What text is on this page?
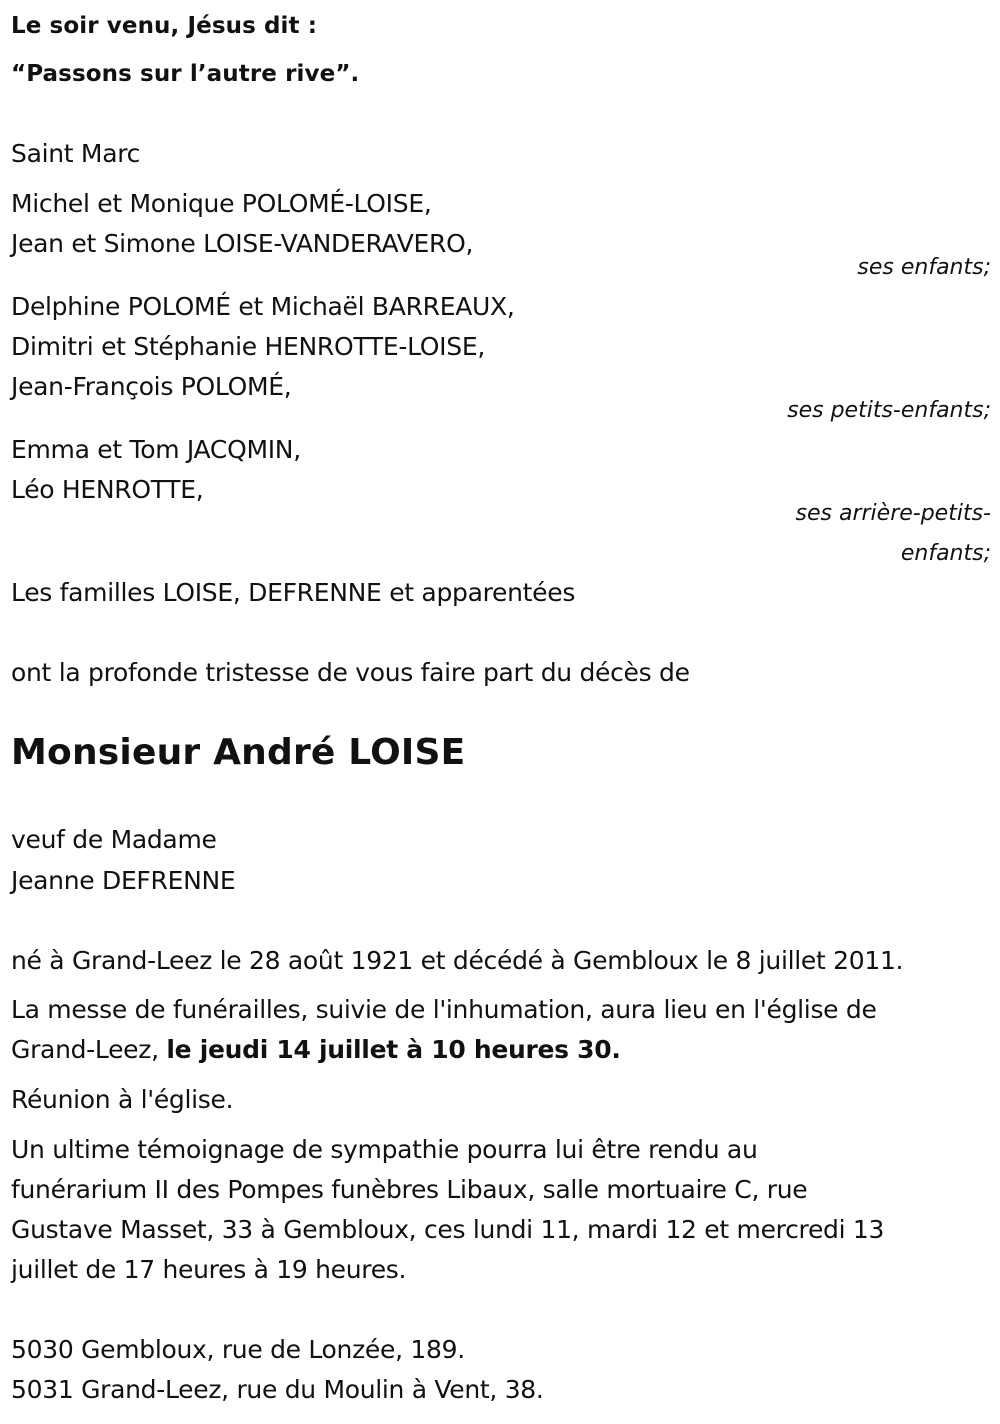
Le soir venu, Jésus dit :
“Passons sur l’autre rive”.
Saint Marc
Michel et Monique POLOMÉ-LOISE,
Jean et Simone LOISE-VANDERAVERO,
ses enfants;
Delphine POLOMÉ et Michaël BARREAUX,
Dimitri et Stéphanie HENROTTE-LOISE,
Jean-François POLOMÉ,
ses petits-enfants;
Emma et Tom JACQMIN,
Léo HENROTTE,
ses arrière-petits-
enfants;
Les familles LOISE, DEFRENNE et apparentées
ont la profonde tristesse de vous faire part du décès de
Monsieur André LOISE
veuf de Madame
Jeanne DEFRENNE
né à Grand-Leez le 28 août 1921 et décédé à Gembloux le 8 juillet 2011.
La messe de funérailles, suivie de l'inhumation, aura lieu en l'église de
Grand-Leez, le jeudi 14 juillet à 10 heures 30.
Réunion à l'église.
Un ultime témoignage de sympathie pourra lui être rendu au
funérarium II des Pompes funèbres Libaux, salle mortuaire C, rue
Gustave Masset, 33 à Gembloux, ces lundi 11, mardi 12 et mercredi 13
juillet de 17 heures à 19 heures.
5030 Gembloux, rue de Lonzée, 189.
5031 Grand-Leez, rue du Moulin à Vent, 38.
